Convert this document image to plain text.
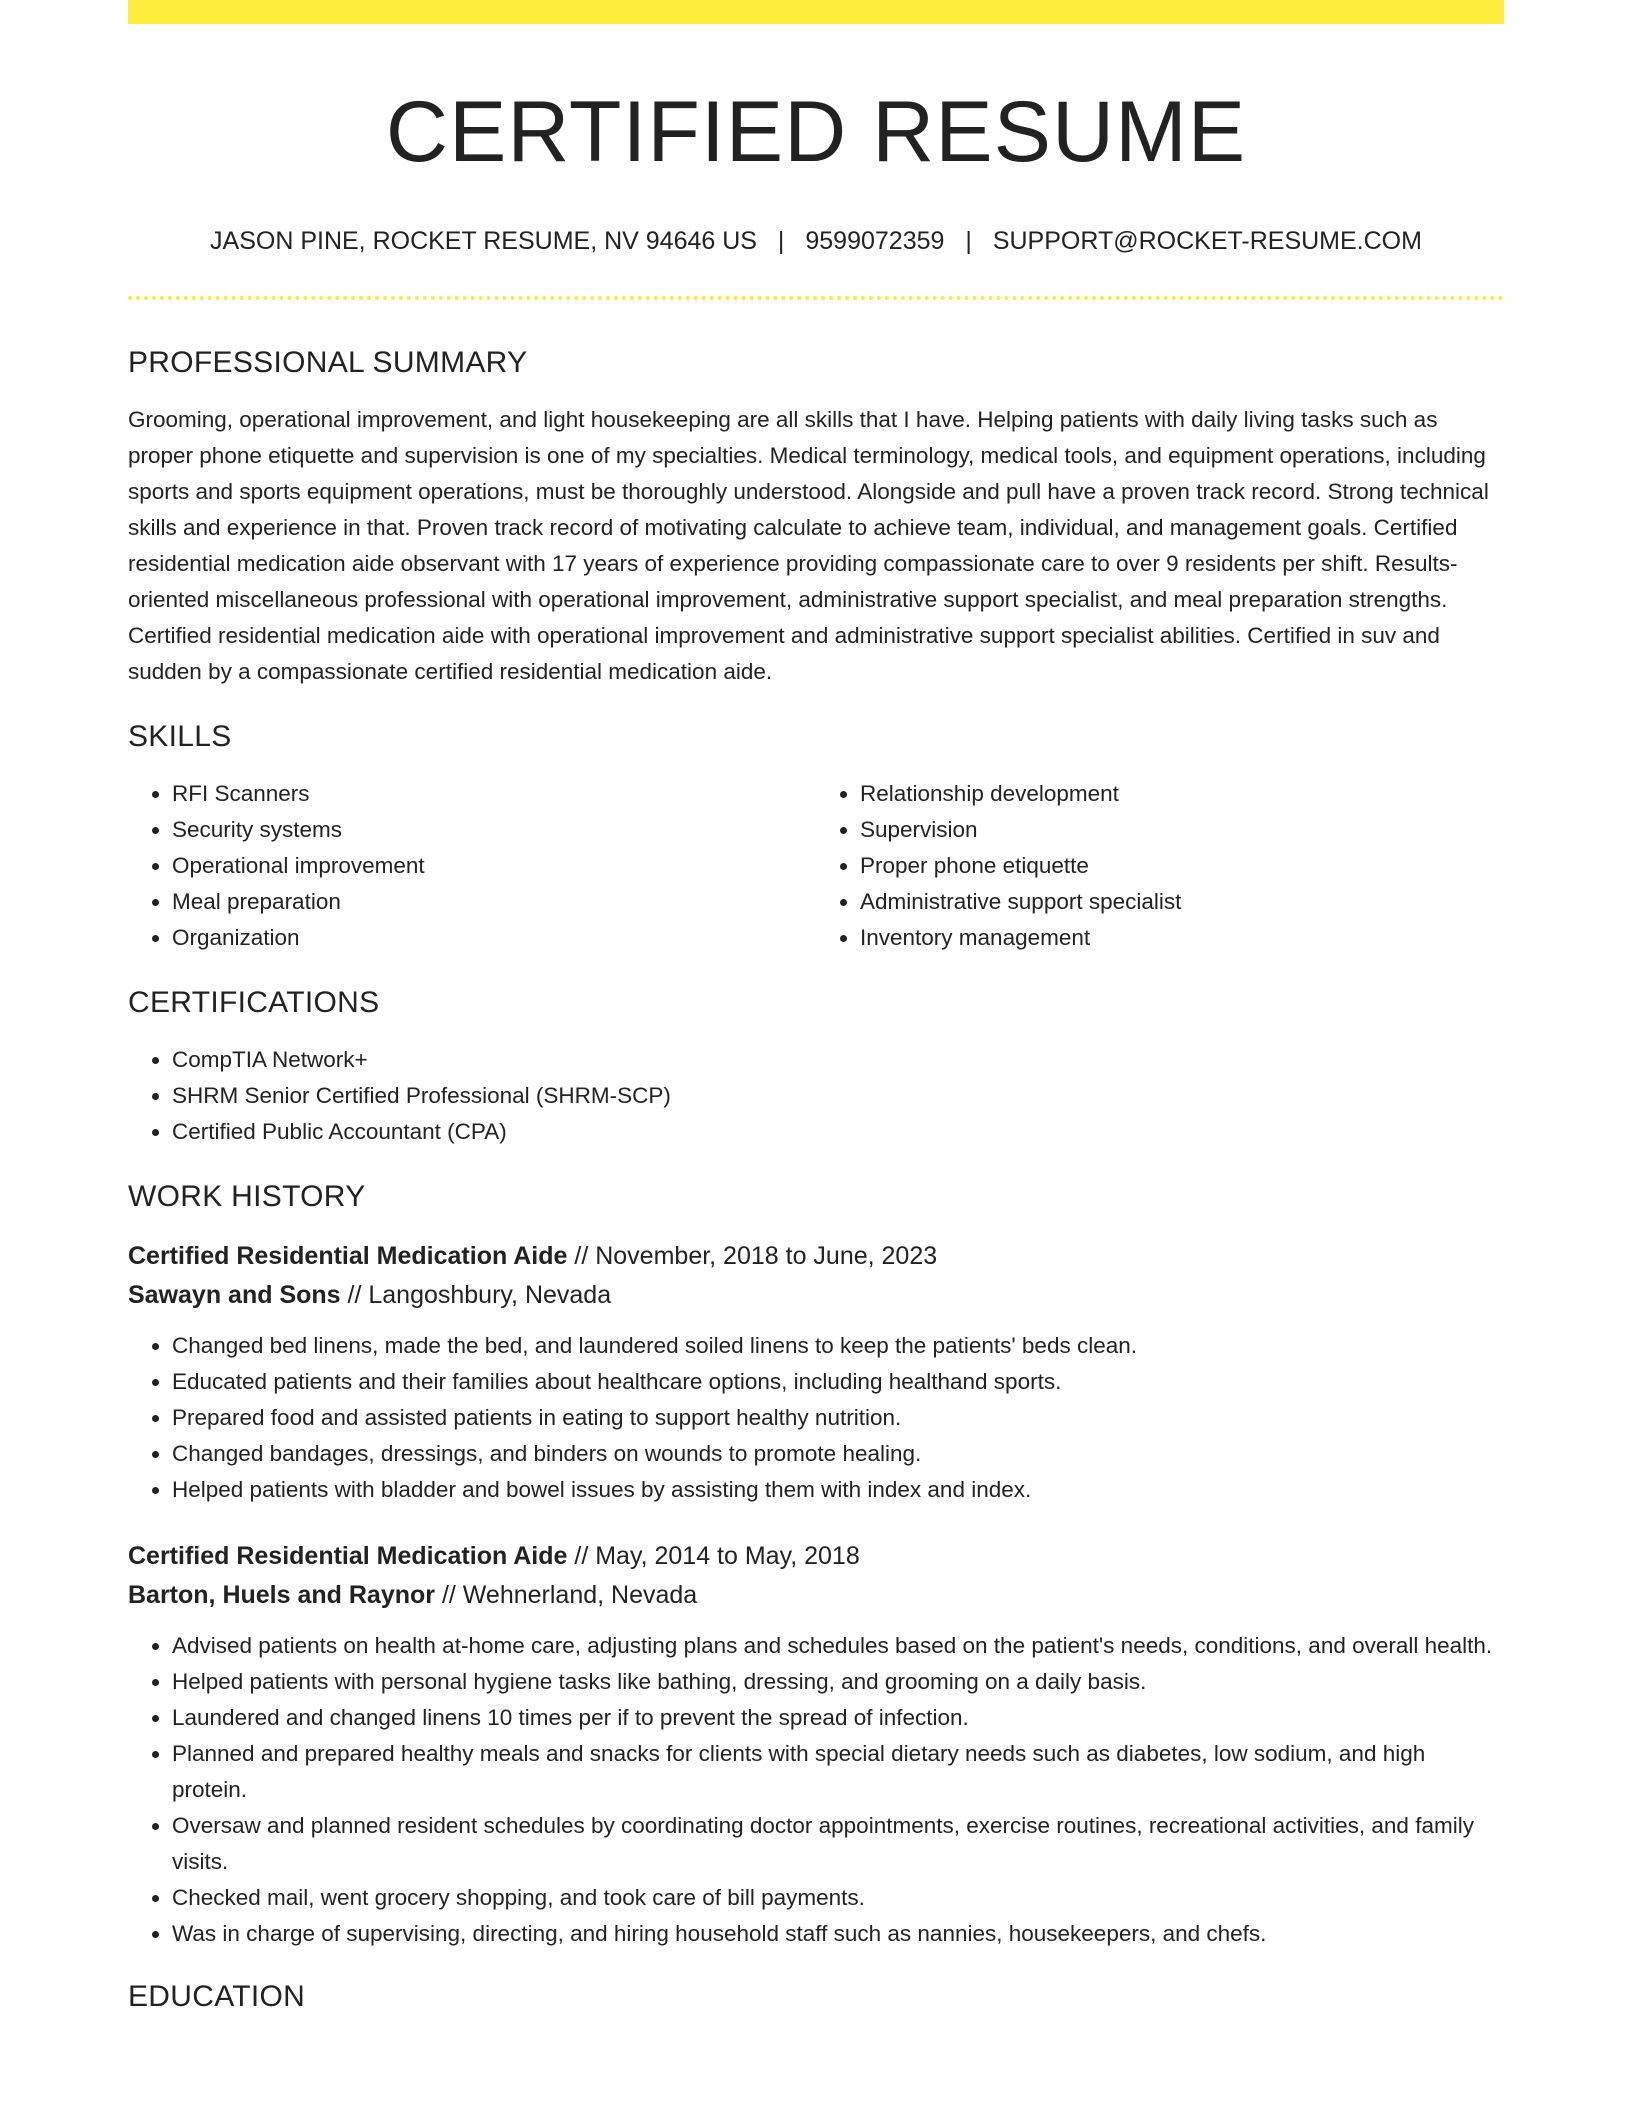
CERTIFIED RESUME
JASON PINE, ROCKET RESUME, NV 94646 US | 9599072359 | SUPPORT@ROCKET-RESUME.COM
PROFESSIONAL SUMMARY
Grooming, operational improvement, and light housekeeping are all skills that I have. Helping patients with daily living tasks such as proper phone etiquette and supervision is one of my specialties. Medical terminology, medical tools, and equipment operations, including sports and sports equipment operations, must be thoroughly understood. Alongside and pull have a proven track record. Strong technical skills and experience in that. Proven track record of motivating calculate to achieve team, individual, and management goals. Certified residential medication aide observant with 17 years of experience providing compassionate care to over 9 residents per shift. Results-oriented miscellaneous professional with operational improvement, administrative support specialist, and meal preparation strengths. Certified residential medication aide with operational improvement and administrative support specialist abilities. Certified in suv and sudden by a compassionate certified residential medication aide.
SKILLS
• RFI Scanners
• Security systems
• Operational improvement
• Meal preparation
• Organization
• Relationship development
• Supervision
• Proper phone etiquette
• Administrative support specialist
• Inventory management
CERTIFICATIONS
• CompTIA Network+
• SHRM Senior Certified Professional (SHRM-SCP)
• Certified Public Accountant (CPA)
WORK HISTORY
Certified Residential Medication Aide // November, 2018 to June, 2023
Sawayn and Sons // Langoshbury, Nevada
• Changed bed linens, made the bed, and laundered soiled linens to keep the patients' beds clean.
• Educated patients and their families about healthcare options, including healthand sports.
• Prepared food and assisted patients in eating to support healthy nutrition.
• Changed bandages, dressings, and binders on wounds to promote healing.
• Helped patients with bladder and bowel issues by assisting them with index and index.
Certified Residential Medication Aide // May, 2014 to May, 2018
Barton, Huels and Raynor // Wehnerland, Nevada
• Advised patients on health at-home care, adjusting plans and schedules based on the patient's needs, conditions, and overall health.
• Helped patients with personal hygiene tasks like bathing, dressing, and grooming on a daily basis.
• Laundered and changed linens 10 times per if to prevent the spread of infection.
• Planned and prepared healthy meals and snacks for clients with special dietary needs such as diabetes, low sodium, and high protein.
• Oversaw and planned resident schedules by coordinating doctor appointments, exercise routines, recreational activities, and family visits.
• Checked mail, went grocery shopping, and took care of bill payments.
• Was in charge of supervising, directing, and hiring household staff such as nannies, housekeepers, and chefs.
EDUCATION
